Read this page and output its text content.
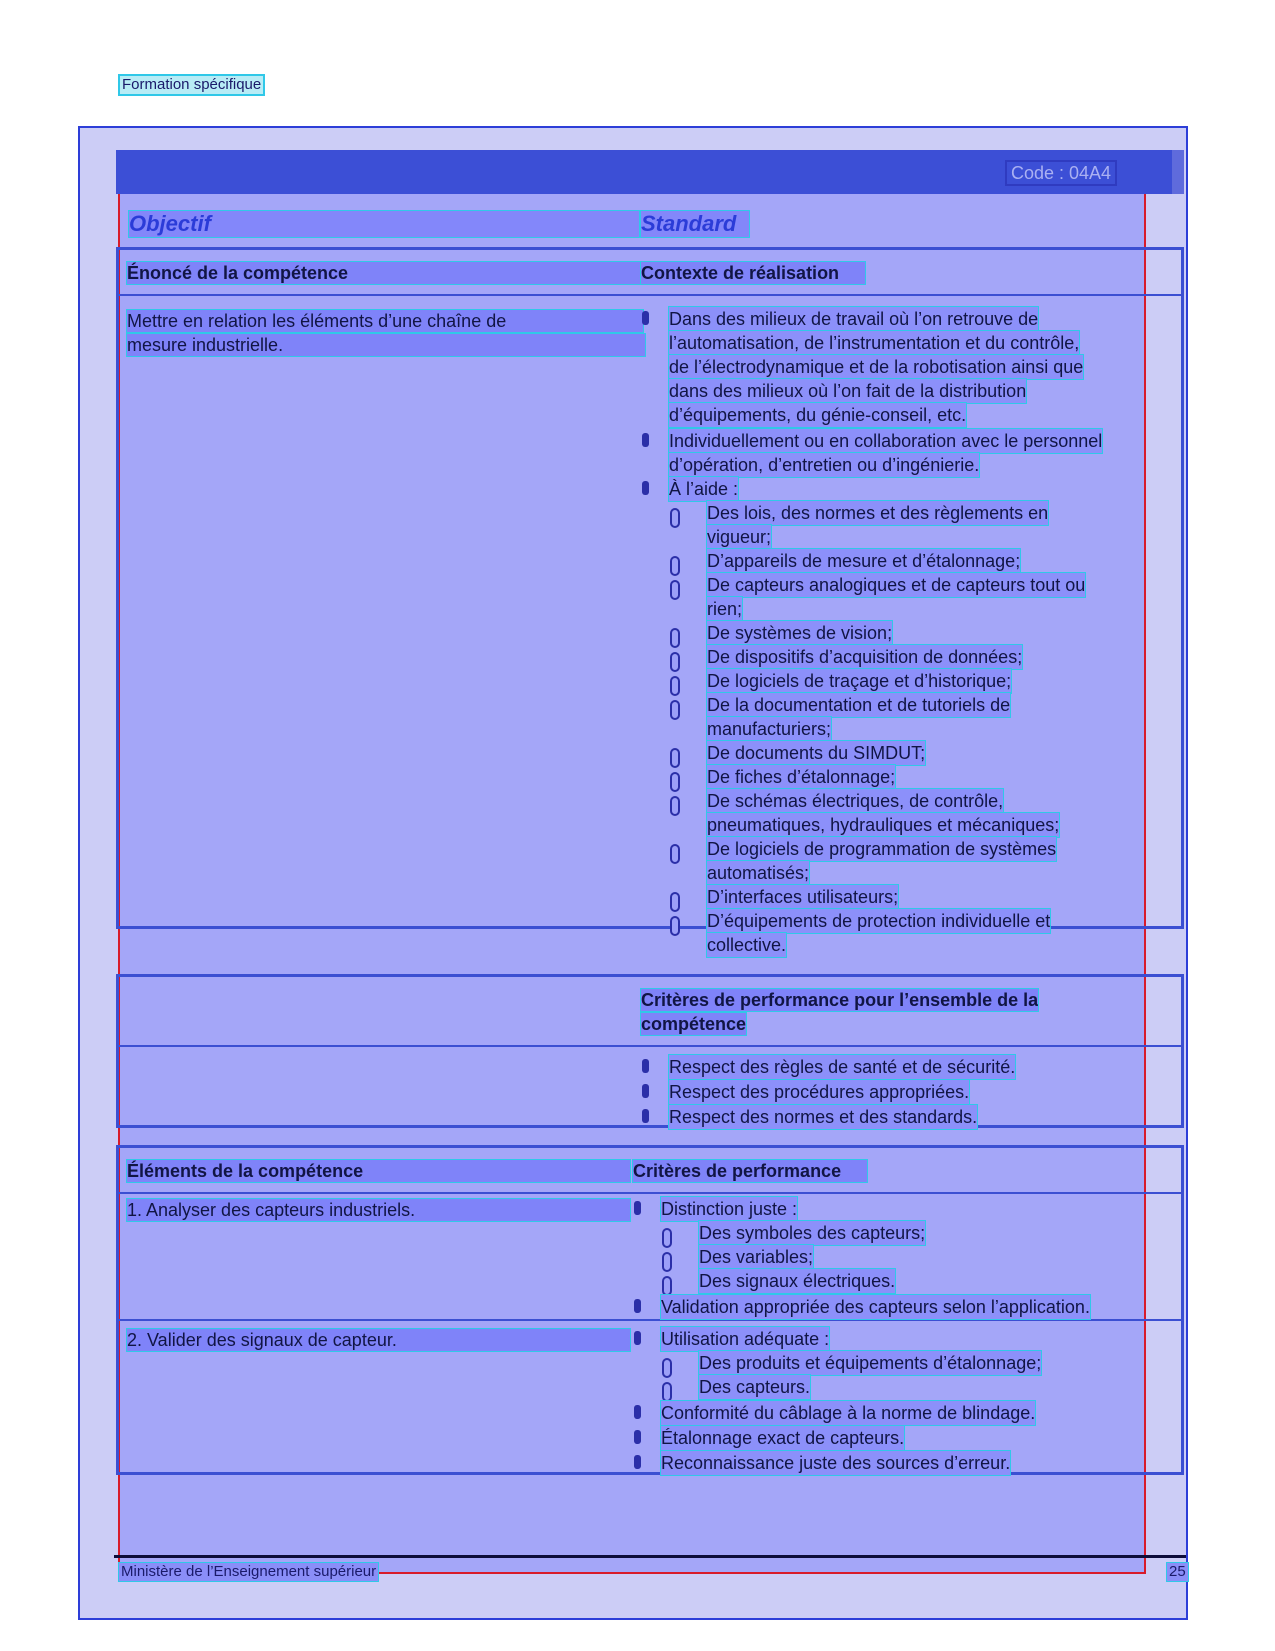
Formation spécifique
Code : 04A4
Objectif	Standard
Énoncé de la compétence	Contexte de réalisation
Mettre en relation les éléments d’une chaîne de
mesure industrielle.
Dans des milieux de travail où l’on retrouve de
l’automatisation, de l’instrumentation et du contrôle,
de l’électrodynamique et de la robotisation ainsi que
dans des milieux où l’on fait de la distribution
d’équipements, du génie-conseil, etc.
Individuellement ou en collaboration avec le personnel
d’opération, d’entretien ou d’ingénierie.
À l’aide :
Des lois, des normes et des règlements en
vigueur;
D’appareils de mesure et d’étalonnage;
De capteurs analogiques et de capteurs tout ou
rien;
De systèmes de vision;
De dispositifs d’acquisition de données;
De logiciels de traçage et d’historique;
De la documentation et de tutoriels de
manufacturiers;
De documents du SIMDUT;
De fiches d’étalonnage;
De schémas électriques, de contrôle,
pneumatiques, hydrauliques et mécaniques;
De logiciels de programmation de systèmes
automatisés;
D’interfaces utilisateurs;
D’équipements de protection individuelle et
collective.
Critères de performance pour l’ensemble de la
compétence
Respect des règles de santé et de sécurité.
Respect des procédures appropriées.
Respect des normes et des standards.
Éléments de la compétence	Critères de performance
1. Analyser des capteurs industriels.	Distinction juste :
Des symboles des capteurs;
Des variables;
Des signaux électriques.
Validation appropriée des capteurs selon l’application.
2. Valider des signaux de capteur.	Utilisation adéquate :
Des produits et équipements d’étalonnage;
Des capteurs.
Conformité du câblage à la norme de blindage.
Étalonnage exact de capteurs.
Reconnaissance juste des sources d’erreur.
Ministère de l’Enseignement supérieur	25
